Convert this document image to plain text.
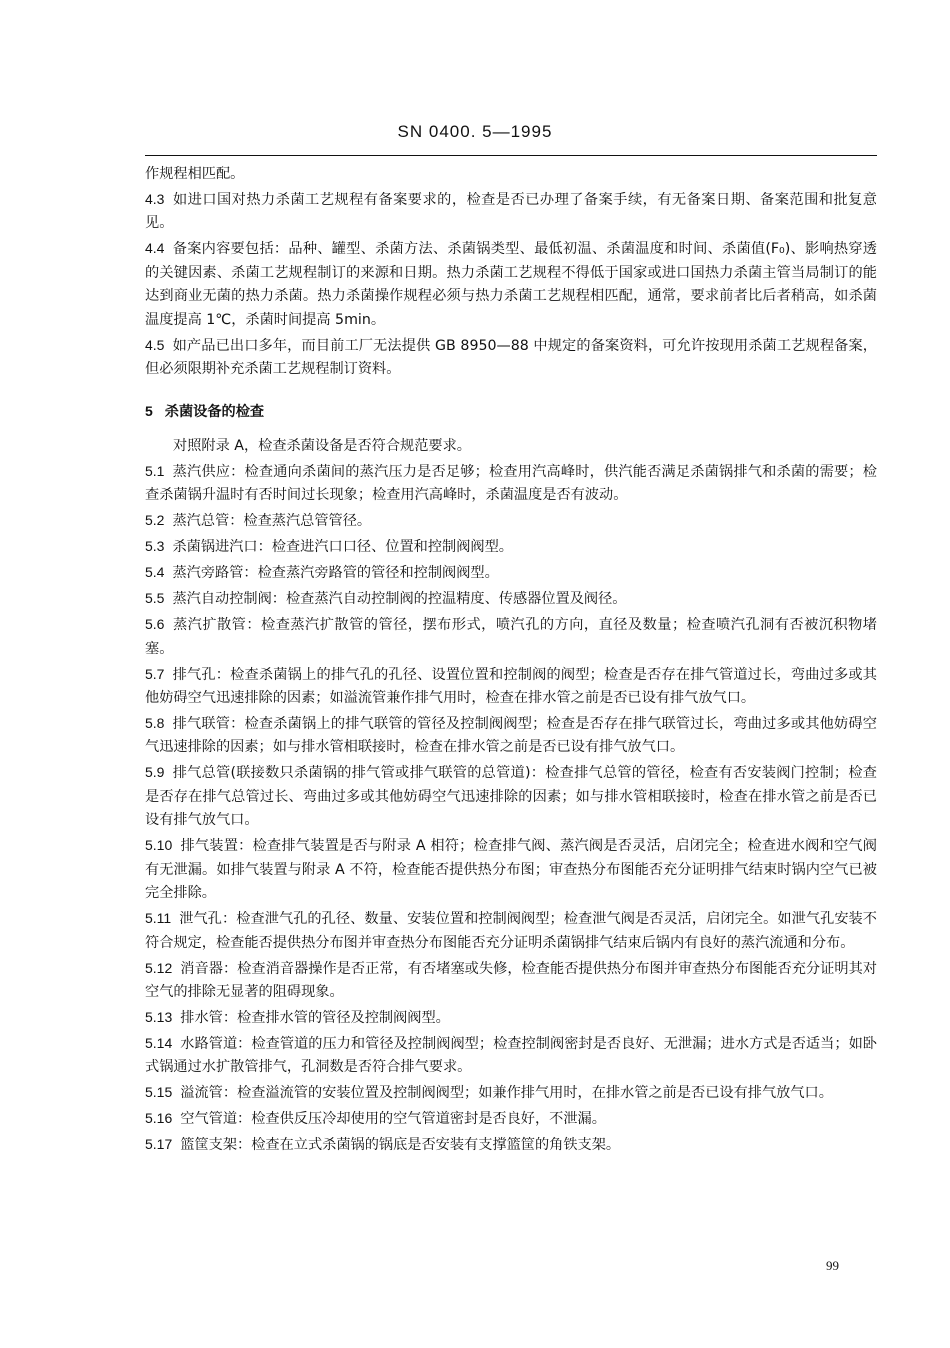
SN 0400. 5—1995

作规程相匹配。

4.3 如进口国对热力杀菌工艺规程有备案要求的，检查是否已办理了备案手续，有无备案日期、备案范围和批复意见。

4.4 备案内容要包括：品种、罐型、杀菌方法、杀菌锅类型、最低初温、杀菌温度和时间、杀菌值(F₀)、影响热穿透的关键因素、杀菌工艺规程制订的来源和日期。热力杀菌工艺规程不得低于国家或进口国热力杀菌主管当局制订的能达到商业无菌的热力杀菌。热力杀菌操作规程必须与热力杀菌工艺规程相匹配，通常，要求前者比后者稍高，如杀菌温度提高 1℃，杀菌时间提高 5min。

4.5 如产品已出口多年，而目前工厂无法提供 GB 8950—88 中规定的备案资料，可允许按现用杀菌工艺规程备案，但必须限期补充杀菌工艺规程制订资料。

5 杀菌设备的检查

对照附录 A，检查杀菌设备是否符合规范要求。

5.1 蒸汽供应：检查通向杀菌间的蒸汽压力是否足够；检查用汽高峰时，供汽能否满足杀菌锅排气和杀菌的需要；检查杀菌锅升温时有否时间过长现象；检查用汽高峰时，杀菌温度是否有波动。

5.2 蒸汽总管：检查蒸汽总管管径。

5.3 杀菌锅进汽口：检查进汽口口径、位置和控制阀阀型。

5.4 蒸汽旁路管：检查蒸汽旁路管的管径和控制阀阀型。

5.5 蒸汽自动控制阀：检查蒸汽自动控制阀的控温精度、传感器位置及阀径。

5.6 蒸汽扩散管：检查蒸汽扩散管的管径，摆布形式，喷汽孔的方向，直径及数量；检查喷汽孔洞有否被沉积物堵塞。

5.7 排气孔：检查杀菌锅上的排气孔的孔径、设置位置和控制阀的阀型；检查是否存在排气管道过长，弯曲过多或其他妨碍空气迅速排除的因素；如溢流管兼作排气用时，检查在排水管之前是否已设有排气放气口。

5.8 排气联管：检查杀菌锅上的排气联管的管径及控制阀阀型；检查是否存在排气联管过长，弯曲过多或其他妨碍空气迅速排除的因素；如与排水管相联接时，检查在排水管之前是否已设有排气放气口。

5.9 排气总管(联接数只杀菌锅的排气管或排气联管的总管道)：检查排气总管的管径，检查有否安装阀门控制；检查是否存在排气总管过长、弯曲过多或其他妨碍空气迅速排除的因素；如与排水管相联接时，检查在排水管之前是否已设有排气放气口。

5.10 排气装置：检查排气装置是否与附录 A 相符；检查排气阀、蒸汽阀是否灵活，启闭完全；检查进水阀和空气阀有无泄漏。如排气装置与附录 A 不符，检查能否提供热分布图；审查热分布图能否充分证明排气结束时锅内空气已被完全排除。

5.11 泄气孔：检查泄气孔的孔径、数量、安装位置和控制阀阀型；检查泄气阀是否灵活，启闭完全。如泄气孔安装不符合规定，检查能否提供热分布图并审查热分布图能否充分证明杀菌锅排气结束后锅内有良好的蒸汽流通和分布。

5.12 消音器：检查消音器操作是否正常，有否堵塞或失修，检查能否提供热分布图并审查热分布图能否充分证明其对空气的排除无显著的阻碍现象。

5.13 排水管：检查排水管的管径及控制阀阀型。

5.14 水路管道：检查管道的压力和管径及控制阀阀型；检查控制阀密封是否良好、无泄漏；进水方式是否适当；如卧式锅通过水扩散管排气，孔洞数是否符合排气要求。

5.15 溢流管：检查溢流管的安装位置及控制阀阀型；如兼作排气用时，在排水管之前是否已设有排气放气口。

5.16 空气管道：检查供反压冷却使用的空气管道密封是否良好，不泄漏。

5.17 篮筐支架：检查在立式杀菌锅的锅底是否安装有支撑篮筐的角铁支架。

99
